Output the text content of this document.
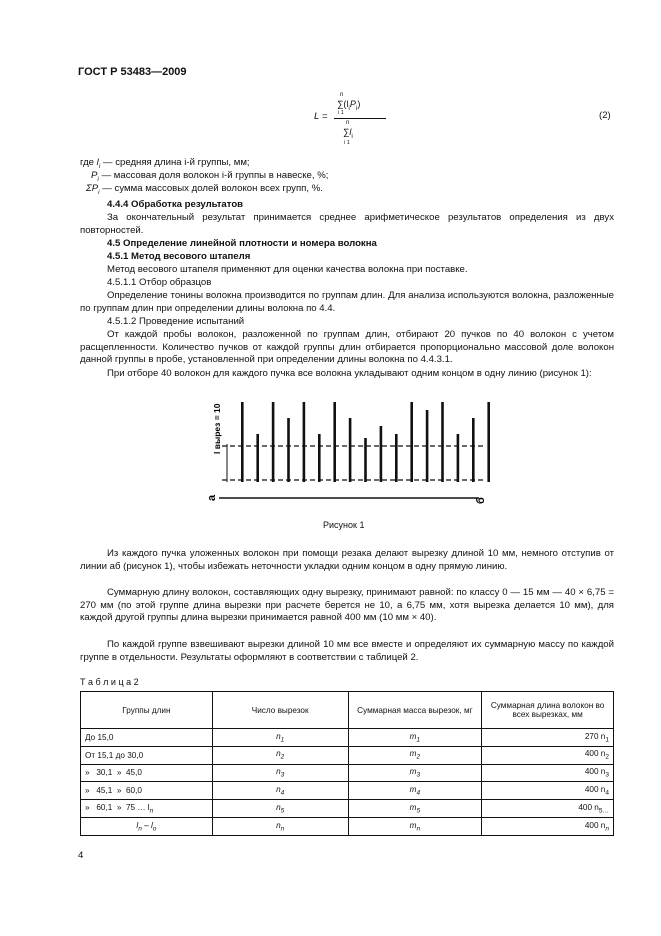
ГОСТ Р 53483—2009
L =
n
$\sum(l_iP_i)$
i 1
n
$\sum l_i$
i 1
(2)
где $l_i$ — средняя длина i-й группы, мм;
$P_i$ — массовая доля волокон i-й группы в навеске, %;
$\Sigma P_i$ — сумма массовых долей волокон всех групп, %.
4.4.4 Обработка результатов
За окончательный результат принимается среднее арифметическое результатов определения из двух повторностей.
4.5 Определение линейной плотности и номера волокна
4.5.1 Метод весового штапеля
Метод весового штапеля применяют для оценки качества волокна при поставке.
4.5.1.1 Отбор образцов
Определение тонины волокна производится по группам длин. Для анализа используются волокна, разложенные по группам длин при определении длины волокна по 4.4.
4.5.1.2 Проведение испытаний
От каждой пробы волокон, разложенной по группам длин, отбирают 20 пучков по 40 волокон с учетом расщепленности. Количество пучков от каждой группы длин отбирается пропорционально массовой доле волокон данной группы в пробе, установленной при определении длины волокна по 4.4.3.1.
При отборе 40 волокон для каждого пучка все волокна укладывают одним концом в одну линию (рисунок 1):
l вырез = 10
а	б
Рисунок 1
Из каждого пучка уложенных волокон при помощи резака делают вырезку длиной 10 мм, немного отступив от линии аб (рисунок 1), чтобы избежать неточности укладки одним концом в одну прямую линию.
Суммарную длину волокон, составляющих одну вырезку, принимают равной: по классу 0 — 15 мм — 40 × 6,75 = 270 мм (по этой группе длина вырезки при расчете берется не 10, а 6,75 мм, хотя вырезка делается 10 мм), для каждой другой группы длина вырезки принимается равной 400 мм (10 мм × 40).
По каждой группе взвешивают вырезки длиной 10 мм все вместе и определяют их суммарную массу по каждой группе в отдельности. Результаты оформляют в соответствии с таблицей 2.
Т а б л и ц а 2
Группы длин	Число вырезок	Суммарная масса вырезок, мг	Суммарная длина волокон во всех вырезках, мм
До 15,0	$n_1$	$m_1$	270 $n_1$
От 15,1 до 30,0	$n_2$	$m_2$	400 $n_2$
»   30,1  »  45,0	$n_3$	$m_3$	400 $n_3$
»   45,1  »  60,0	$n_4$	$m_4$	400 $n_4$
»   60,1  »  75 … $l_n$	$n_5$	$m_5$	400 $n_{5\dots}$
$l_n - l_o$	$n_n$	$m_n$	400 $n_n$
4
